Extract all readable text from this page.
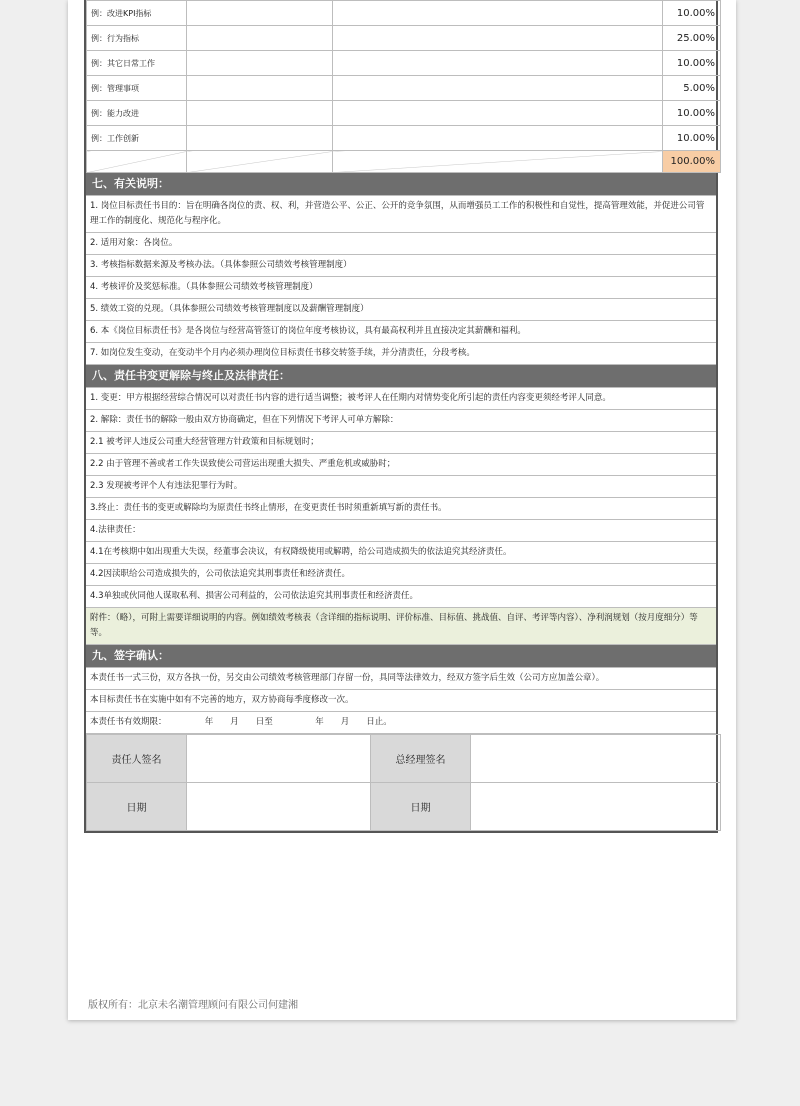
例：改进KPI指标			10.00%
例：行为指标			25.00%
例：其它日常工作			10.00%
例：管理事项			5.00%
例：能力改进			10.00%
例：工作创新			10.00%
			100.00%
七、有关说明：
1. 岗位目标责任书目的：旨在明确各岗位的责、权、利，并营造公平、公正、公开的竞争氛围，从而增强员工工作的积极性和自觉性，提高管理效能，并促进公司管理工作的制度化、规范化与程序化。
2. 适用对象：各岗位。
3. 考核指标数据来源及考核办法。（具体参照公司绩效考核管理制度）
4. 考核评价及奖惩标准。（具体参照公司绩效考核管理制度）
5. 绩效工资的兑现。（具体参照公司绩效考核管理制度以及薪酬管理制度）
6. 本《岗位目标责任书》是各岗位与经营高管签订的岗位年度考核协议，具有最高权利并且直接决定其薪酬和福利。
7. 如岗位发生变动，在变动半个月内必须办理岗位目标责任书移交转签手续，并分清责任，分段考核。
八、责任书变更解除与终止及法律责任：
1. 变更：甲方根据经营综合情况可以对责任书内容的进行适当调整；被考评人在任期内对情势变化所引起的责任内容变更须经考评人同意。
2. 解除：责任书的解除一般由双方协商确定，但在下列情况下考评人可单方解除：
2.1 被考评人违反公司重大经营管理方针政策和目标规划时；
2.2 由于管理不善或者工作失误致使公司营运出现重大损失、严重危机或威胁时；
2.3 发现被考评个人有违法犯罪行为时。
3.终止：责任书的变更或解除均为原责任书终止情形，在变更责任书时须重新填写新的责任书。
4.法律责任：
4.1在考核期中如出现重大失误，经董事会决议，有权降级使用或解聘，给公司造成损失的依法追究其经济责任。
4.2因渎职给公司造成损失的，公司依法追究其刑事责任和经济责任。
4.3单独或伙同他人谋取私利、损害公司利益的，公司依法追究其刑事责任和经济责任。
附件：（略），可附上需要详细说明的内容。例如绩效考核表（含详细的指标说明、评价标准、目标值、挑战值、自评、考评等内容）、净利润规划（按月度细分）等等。
九、签字确认：
本责任书一式三份，双方各执一份，另交由公司绩效考核管理部门存留一份，具同等法律效力，经双方签字后生效（公司方应加盖公章）。
本目标责任书在实施中如有不完善的地方，双方协商每季度修改一次。
本责任书有效期限：　　　　　年　　月　　日至　　　　　年　　月　　日止。
责任人签名		总经理签名	
日期		日期	
版权所有：北京未名潮管理顾问有限公司何建湘
